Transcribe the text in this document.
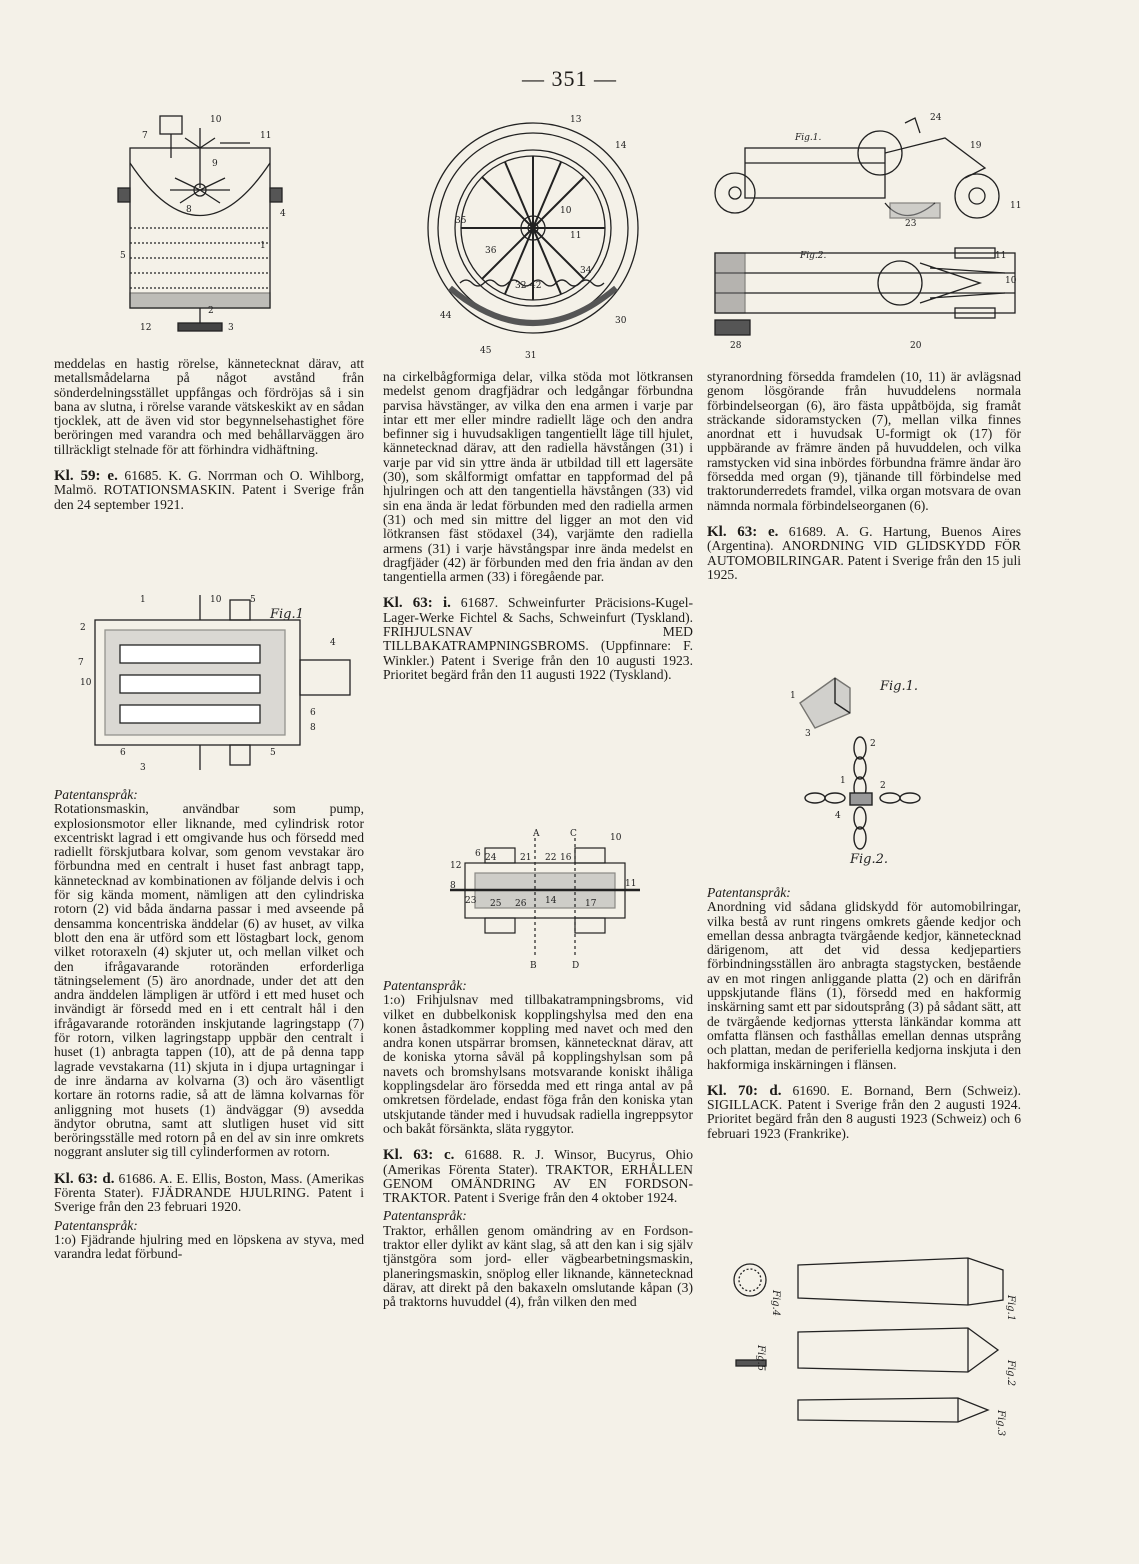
— 351 —
7
10
11
9
8	4
5
1
12	3
2
13
14
35
36
11
10
32 42
34
44	30
31
45
Fig.1.
Fig.2.
24
19
11
23
11
10
28	20

meddelas en hastig rörelse, kännetecknat därav, att metallsmådelarna på något avstånd från sönderdelningsstället uppfångas och fördröjas så i sin bana av slutna, i rörelse varande vätskeskikt av en sådan tjocklek, att de även vid stor begynnelsehastighet före beröringen med varandra och med behållarväggen äro tillräckligt stelnade för att förhindra vidhäftning.

Kl. 59: e. 61685. K. G. Norrman och O. Wihlborg, Malmö. ROTATIONSMASKIN. Patent i Sverige från den 24 september 1921.

Fig.1
1	10	5
2
7
10
4
6
8
6
3
5

Patentanspråk:

Rotationsmaskin, användbar som pump, explosionsmotor eller liknande, med cylindrisk rotor excentriskt lagrad i ett omgivande hus och försedd med radiellt förskjutbara kolvar, som genom vevstakar äro förbundna med en centralt i huset fast anbragt tapp, kännetecknad av kombinationen av följande delvis i och för sig kända moment, nämligen att den cylindriska rotorn (2) vid båda ändarna passar i med avseende på densamma koncentriska änddelar (6) av huset, av vilka blott den ena är utförd som ett löstagbart lock, genom vilket rotoraxeln (4) skjuter ut, och mellan vilket och den ifrågavarande rotoränden erforderliga tätningselement (5) äro anordnade, under det att den andra änddelen lämpligen är utförd i ett med huset och invändigt är försedd med en i ett centralt hål i den ifrågavarande rotoränden inskjutande lagringstapp (7) för rotorn, vilken lagringstapp uppbär den centralt i huset (1) anbragta tappen (10), att de på denna tapp lagrade vevstakarna (11) skjuta in i djupa urtagningar i de inre ändarna av kolvarna (3) och äro väsentligt kortare än rotorns radie, så att de lämna kolvarnas för anliggning mot husets (1) ändväggar (9) avsedda ändytor obrutna, samt att slutligen huset vid sitt beröringsställe med rotorn på en del av sin inre omkrets noggrant ansluter sig till cylinderformen av rotorn.

Kl. 63: d. 61686. A. E. Ellis, Boston, Mass. (Amerikas Förenta Stater). FJÄDRANDE HJULRING. Patent i Sverige från den 23 februari 1920.

Patentanspråk:

1:o) Fjädrande hjulring med en löpskena av styva, med varandra ledat förbund-

na cirkelbågformiga delar, vilka stöda mot lötkransen medelst genom dragfjädrar och ledgångar förbundna parvisa hävstänger, av vilka den ena armen i varje par intar ett mer eller mindre radiellt läge och den andra befinner sig i huvudsakligen tangentiellt läge till hjulet, kännetecknad därav, att den radiella hävstången (31) i varje par vid sin yttre ända är utbildad till ett lagersäte (30), som skålformigt omfattar en tappformad del på hjulringen och att den tangentiella hävstången (33) vid sin ena ända är ledat förbunden med den radiella armen (31) och med sin mittre del ligger an mot den vid lötkransen fäst stödaxel (34), varjämte den radiella armens (31) i varje hävstångspar inre ända medelst en dragfjäder (42) är förbunden med den fria ändan av den tangentiella armen (33) i föregående par.

Kl. 63: i. 61687. Schweinfurter Präcisions-Kugel-Lager-Werke Fichtel & Sachs, Schweinfurt (Tyskland). FRIHJULSNAV MED TILLBAKATRAMPNINGSBROMS. (Uppfinnare: F. Winkler.) Patent i Sverige från den 10 augusti 1923. Prioritet begärd från den 11 augusti 1922 (Tyskland).

A	C	10
6 24	21 22 16
12
8	11
23 25 26 14	17
B	D

Patentanspråk:

1:o) Frihjulsnav med tillbakatrampningsbroms, vid vilket en dubbelkonisk kopplingshylsa med den ena konen åstadkommer koppling med navet och med den andra konen utspärrar bromsen, kännetecknat därav, att de koniska ytorna såväl på kopplingshylsan som på navets och bromshylsans motsvarande koniskt ihåliga kopplingsdelar äro försedda med ett ringa antal av på omkretsen fördelade, endast föga från den koniska ytan utskjutande tänder med i huvudsak radiella ingreppsytor och bakåt försänkta, släta ryggytor.

Kl. 63: c. 61688. R. J. Winsor, Bucyrus, Ohio (Amerikas Förenta Stater). TRAKTOR, ERHÅLLEN GENOM OMÄNDRING AV EN FORDSON-TRAKTOR. Patent i Sverige från den 4 oktober 1924.

Patentanspråk:

Traktor, erhållen genom omändring av en Fordson-traktor eller dylikt av känt slag, så att den kan i sig själv tjänstgöra som jord- eller vägbearbetningsmaskin, planeringsmaskin, snöplog eller liknande, kännetecknad därav, att direkt på den bakaxeln omslutande kåpan (3) på traktorns huvuddel (4), från vilken den med

styranordning försedda framdelen (10, 11) är avlägsnad genom lösgörande från huvuddelens normala förbindelseorgan (6), äro fästa uppåtböjda, sig framåt sträckande sidoramstycken (7), mellan vilka finnes anordnat ett i huvudsak U-formigt ok (17) för uppbärande av främre änden på huvuddelen, och vilka ramstycken vid sina inbördes förbundna främre ändar äro försedda med organ (9), tjänande till förbindelse med traktorunderredets framdel, vilka organ motsvara de ovan nämnda normala förbindelseorganen (6).

Kl. 63: e. 61689. A. G. Hartung, Buenos Aires (Argentina). ANORDNING VID GLIDSKYDD FÖR AUTOMOBILRINGAR. Patent i Sverige från den 15 juli 1925.

Fig.1.
Fig.2.
1
3
2
2
4
1

Patentanspråk:

Anordning vid sådana glidskydd för automobilringar, vilka bestå av runt ringens omkrets gående kedjor och emellan dessa anbragta tvärgående kedjor, kännetecknad därigenom, att det vid dessa kedjepartiers förbindningsställen äro anbragta stagstycken, bestående av en mot ringen anliggande platta (2) och en därifrån uppskjutande fläns (1), försedd med en hakformig inskärning samt ett par sidoutsprång (3) på sådant sätt, att de tvärgående kedjornas yttersta länkändar komma att omfatta flänsen och fasthållas emellan dennas utsprång och plattan, medan de periferiella kedjorna inskjuta i den hakformiga inskärningen i flänsen.

Kl. 70: d. 61690. E. Bornand, Bern (Schweiz). SIGILLACK. Patent i Sverige från den 2 augusti 1924. Prioritet begärd från den 8 augusti 1923 (Schweiz) och 6 februari 1923 (Frankrike).

Fig.1
Fig.2
Fig.3
Fig.4
Fig.5
